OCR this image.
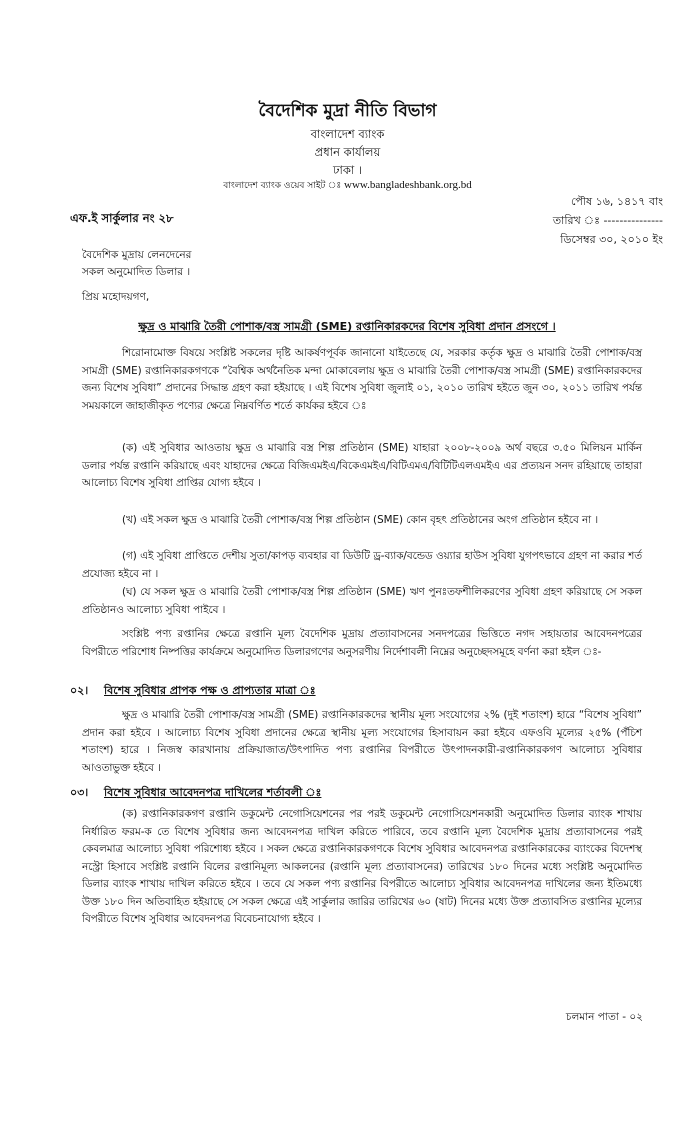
বৈদেশিক মুদ্রা নীতি বিভাগ
বাংলাদেশ ব্যাংক
প্রধান কার্যালয়
ঢাকা ।
বাংলাদেশ ব্যাংক ওয়েব সাইট ঃ www.bangladeshbank.org.bd
এফ.ই সার্কুলার নং ২৮
পৌষ ১৬, ১৪১৭ বাং
তারিখ ঃ ---------------
ডিসেম্বর ৩০, ২০১০ ইং
বৈদেশিক মুদ্রায় লেনদেনের
সকল অনুমোদিত ডিলার ।
প্রিয় মহোদয়গণ,
ক্ষুদ্র ও মাঝারি তৈরী পোশাক/বস্ত্র সামগ্রী (SME) রপ্তানিকারকদের বিশেষ সুবিধা প্রদান প্রসংগে ।
শিরোনামোক্ত বিষয়ে সংশ্লিষ্ট সকলের দৃষ্টি আকর্ষণপূর্বক জানানো যাইতেছে যে, সরকার কর্তৃক ক্ষুদ্র ও মাঝারি তৈরী পোশাক/বস্ত্র সামগ্রী (SME) রপ্তানিকারকগণকে “বৈশ্বিক অর্থনৈতিক মন্দা মোকাবেলায় ক্ষুদ্র ও মাঝারি তৈরী পোশাক/বস্ত্র সামগ্রী (SME) রপ্তানিকারকদের জন্য বিশেষ সুবিধা” প্রদানের সিদ্ধান্ত গ্রহণ করা হইয়াছে । এই বিশেষ সুবিধা জুলাই ০১, ২০১০ তারিখ হইতে জুন ৩০, ২০১১ তারিখ পর্যন্ত সময়কালে জাহাজীকৃত পণ্যের ক্ষেত্রে নিম্নবর্ণিত শর্তে কার্যকর হইবে ঃ
(ক) এই সুবিধার আওতায় ক্ষুদ্র ও মাঝারি বস্ত্র শিল্প প্রতিষ্ঠান (SME) যাহারা ২০০৮-২০০৯ অর্থ বছরে ৩.৫০ মিলিয়ন মার্কিন ডলার পর্যন্ত রপ্তানি করিয়াছে এবং যাহাদের ক্ষেত্রে বিজিএমইএ/বিকেএমইএ/বিটিএমএ/বিটিটিএলএমইএ এর প্রত্যয়ন সনদ রহিয়াছে তাহারা আলোচ্য বিশেষ সুবিধা প্রাপ্তির যোগ্য হইবে ।
(খ) এই সকল ক্ষুদ্র ও মাঝারি তৈরী পোশাক/বস্ত্র শিল্প প্রতিষ্ঠান (SME) কোন বৃহৎ প্রতিষ্ঠানের অংগ প্রতিষ্ঠান হইবে না ।
(গ) এই সুবিধা প্রাপ্তিতে দেশীয় সুতা/কাপড় ব্যবহার বা ডিউটি ড্র-ব্যাক/বন্ডেড ওয়্যার হাউস সুবিধা যুগপৎভাবে গ্রহণ না করার শর্ত প্রযোজ্য হইবে না ।
(ঘ) যে সকল ক্ষুদ্র ও মাঝারি তৈরী পোশাক/বস্ত্র শিল্প প্রতিষ্ঠান (SME) ঋণ পুনঃতফশীলিকরণের সুবিধা গ্রহণ করিয়াছে সে সকল প্রতিষ্ঠানও আলোচ্য সুবিধা পাইবে ।
সংশ্লিষ্ট পণ্য রপ্তানির ক্ষেত্রে রপ্তানি মূল্য বৈদেশিক মুদ্রায় প্রত্যাবাসনের সনদপত্রের ভিত্তিতে নগদ সহায়তার আবেদনপত্রের বিপরীতে পরিশোধ নিষ্পত্তির কার্যক্রমে অনুমোদিত ডিলারগণের অনুসরণীয় নির্দেশাবলী নিম্নের অনুচ্ছেদসমূহে বর্ণনা করা হইল ঃ-
০২। বিশেষ সুবিধার প্রাপক পক্ষ ও প্রাপ্যতার মাত্রা ঃ
ক্ষুদ্র ও মাঝারি তৈরী পোশাক/বস্ত্র সামগ্রী (SME) রপ্তানিকারকদের স্থানীয় মূল্য সংযোগের ২% (দুই শতাংশ) হারে “বিশেষ সুবিধা” প্রদান করা হইবে । আলোচ্য বিশেষ সুবিধা প্রদানের ক্ষেত্রে স্থানীয় মূল্য সংযোগের হিসাবায়ন করা হইবে এফওবি মূল্যের ২৫% (পঁচিশ শতাংশ) হারে । নিজস্ব কারখানায় প্রক্রিয়াজাত/উৎপাদিত পণ্য রপ্তানির বিপরীতে উৎপাদনকারী-রপ্তানিকারকগণ আলোচ্য সুবিধার আওতাভুক্ত হইবে ।
০৩। বিশেষ সুবিধার আবেদনপত্র দাখিলের শর্তাবলী ঃ
(ক) রপ্তানিকারকগণ রপ্তানি ডকুমেন্ট নেগোসিয়েশনের পর পরই ডকুমেন্ট নেগোসিয়েশনকারী অনুমোদিত ডিলার ব্যাংক শাখায় নির্ধারিত ফরম-ক তে বিশেষ সুবিধার জন্য আবেদনপত্র দাখিল করিতে পারিবে, তবে রপ্তানি মূল্য বৈদেশিক মুদ্রায় প্রত্যাবাসনের পরই কেবলমাত্র আলোচ্য সুবিধা পরিশোধ্য হইবে । সকল ক্ষেত্রে রপ্তানিকারকগণকে বিশেষ সুবিধার আবেদনপত্র রপ্তানিকারকের ব্যাংকের বিদেশস্থ নস্ট্রো হিসাবে সংশ্লিষ্ট রপ্তানি বিলের রপ্তানিমূল্য আকলনের (রপ্তানি মূল্য প্রত্যাবাসনের) তারিখের ১৮০ দিনের মধ্যে সংশ্লিষ্ট অনুমোদিত ডিলার ব্যাংক শাখায় দাখিল করিতে হইবে । তবে যে সকল পণ্য রপ্তানির বিপরীতে আলোচ্য সুবিধার আবেদনপত্র দাখিলের জন্য ইতিমধ্যে উক্ত ১৮০ দিন অতিবাহিত হইয়াছে সে সকল ক্ষেত্রে এই সার্কুলার জারির তারিখের ৬০ (ষাট) দিনের মধ্যে উক্ত প্রত্যাবসিত রপ্তানির মূল্যের বিপরীতে বিশেষ সুবিধার আবেদনপত্র বিবেচনাযোগ্য হইবে ।
চলমান পাতা - ০২
